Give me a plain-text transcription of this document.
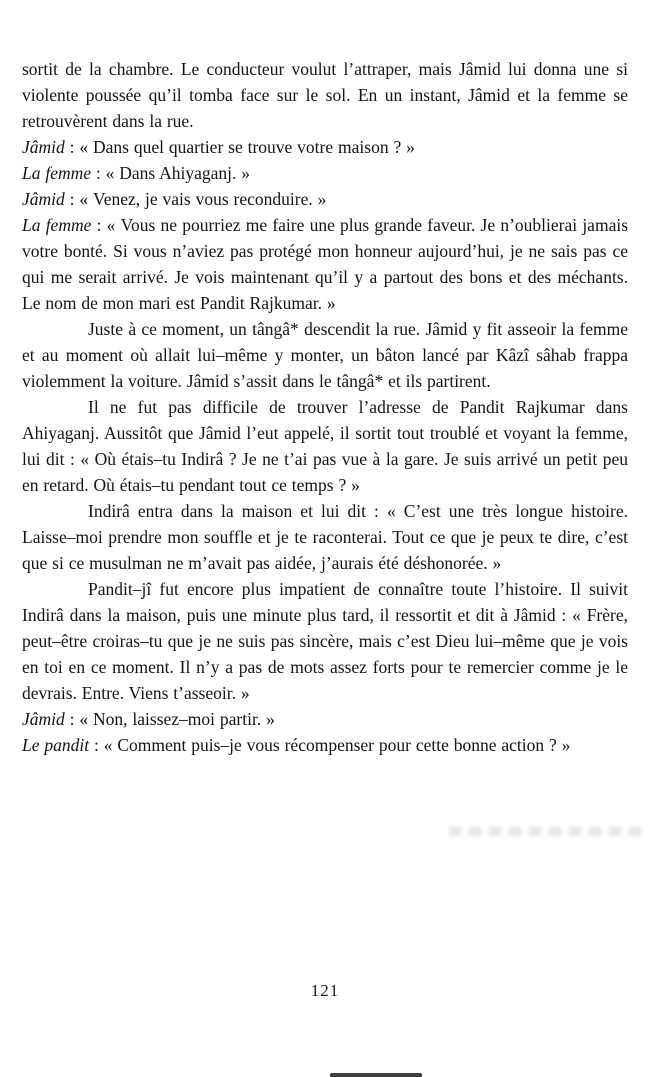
sortit de la chambre. Le conducteur voulut l’attraper, mais Jâmid lui donna une si violente poussée qu’il tomba face sur le sol. En un instant, Jâmid et la femme se retrouvèrent dans la rue.

Jâmid : « Dans quel quartier se trouve votre maison ? »

La femme : « Dans Ahiyaganj. »

Jâmid : « Venez, je vais vous reconduire. »

La femme : « Vous ne pourriez me faire une plus grande faveur. Je n’oublierai jamais votre bonté. Si vous n’aviez pas protégé mon honneur aujourd’hui, je ne sais pas ce qui me serait arrivé. Je vois maintenant qu’il y a partout des bons et des méchants. Le nom de mon mari est Pandit Rajkumar. »

Juste à ce moment, un tângâ* descendit la rue. Jâmid y fit asseoir la femme et au moment où allait lui–même y monter, un bâton lancé par Kâzî sâhab frappa violemment la voiture. Jâmid s’assit dans le tângâ* et ils partirent.

Il ne fut pas difficile de trouver l’adresse de Pandit Rajkumar dans Ahiyaganj. Aussitôt que Jâmid l’eut appelé, il sortit tout troublé et voyant la femme, lui dit : « Où étais–tu Indirâ ? Je ne t’ai pas vue à la gare. Je suis arrivé un petit peu en retard. Où étais–tu pendant tout ce temps ? »

Indirâ entra dans la maison et lui dit : « C’est une très longue histoire. Laisse–moi prendre mon souffle et je te raconterai. Tout ce que je peux te dire, c’est que si ce musulman ne m’avait pas aidée, j’aurais été déshonorée. »

Pandit–jî fut encore plus impatient de connaître toute l’histoire. Il suivit Indirâ dans la maison, puis une minute plus tard, il ressortit et dit à Jâmid : « Frère, peut–être croiras–tu que je ne suis pas sincère, mais c’est Dieu lui–même que je vois en toi en ce moment. Il n’y a pas de mots assez forts pour te remercier comme je le devrais. Entre. Viens t’asseoir. »

Jâmid : « Non, laissez–moi partir. »

Le pandit : « Comment puis–je vous récompenser pour cette bonne action ? »

121
